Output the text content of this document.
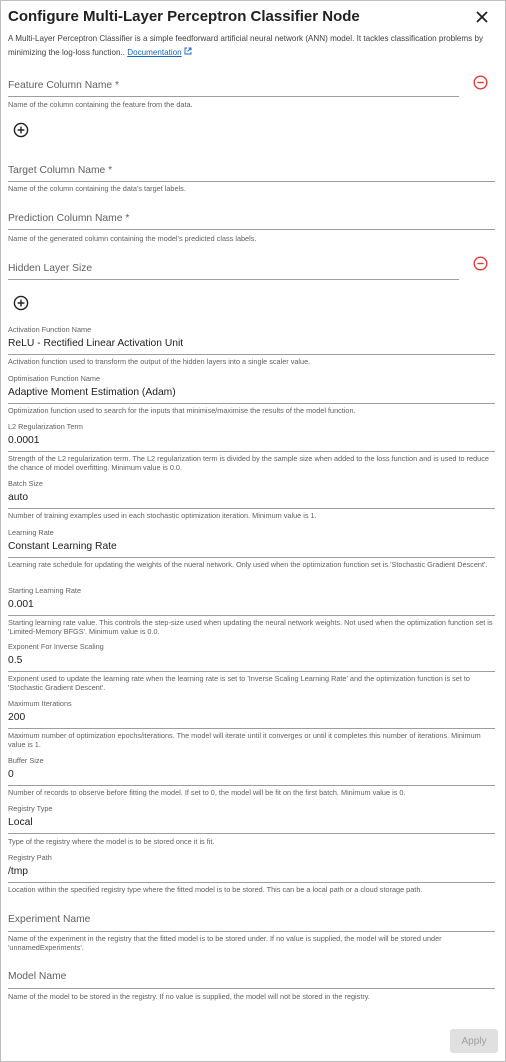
Configure Multi-Layer Perceptron Classifier Node
A Multi-Layer Perceptron Classifier is a simple feedforward artificial neural network (ANN) model. It tackles classification problems by minimizing the log-loss function.. Documentation
Feature Column Name *
Name of the column containing the feature from the data.
Target Column Name *
Name of the column containing the data's target labels.
Prediction Column Name *
Name of the generated column containing the model's predicted class labels.
Hidden Layer Size
Activation Function Name
ReLU - Rectified Linear Activation Unit
Activation function used to transform the output of the hidden layers into a single scaler value.
Optimisation Function Name
Adaptive Moment Estimation (Adam)
Optimization function used to search for the inputs that minimise/maximise the results of the model function.
L2 Regularization Term
0.0001
Strength of the L2 regularization term. The L2 regularization term is divided by the sample size when added to the loss function and is used to reduce the chance of model overfitting. Minimum value is 0.0.
Batch Size
auto
Number of training examples used in each stochastic optimization iteration. Minimum value is 1.
Learning Rate
Constant Learning Rate
Learning rate schedule for updating the weights of the nueral network. Only used when the optimization function set is 'Stochastic Gradient Descent'.
Starting Learning Rate
0.001
Starting learning rate value. This controls the step-size used when updating the neural network weights. Not used when the optimization function set is 'Limited-Memory BFGS'. Minimum value is 0.0.
Exponent For Inverse Scaling
0.5
Exponent used to update the learning rate when the learning rate is set to 'Inverse Scaling Learning Rate' and the optimization function is set to 'Stochastic Gradient Descent'.
Maximum Iterations
200
Maximum number of optimization epochs/iterations. The model will iterate until it converges or until it completes this number of iterations. Minimum value is 1.
Buffer Size
0
Number of records to observe before fitting the model. If set to 0, the model will be fit on the first batch. Minimum value is 0.
Registry Type
Local
Type of the registry where the model is to be stored once it is fit.
Registry Path
/tmp
Location within the specified registry type where the fitted model is to be stored. This can be a local path or a cloud storage path.
Experiment Name
Name of the experiment in the registry that the fitted model is to be stored under. If no value is supplied, the model will be stored under 'unnamedExperiments'.
Model Name
Name of the model to be stored in the registry. If no value is supplied, the model will not be stored in the registry.
Apply
